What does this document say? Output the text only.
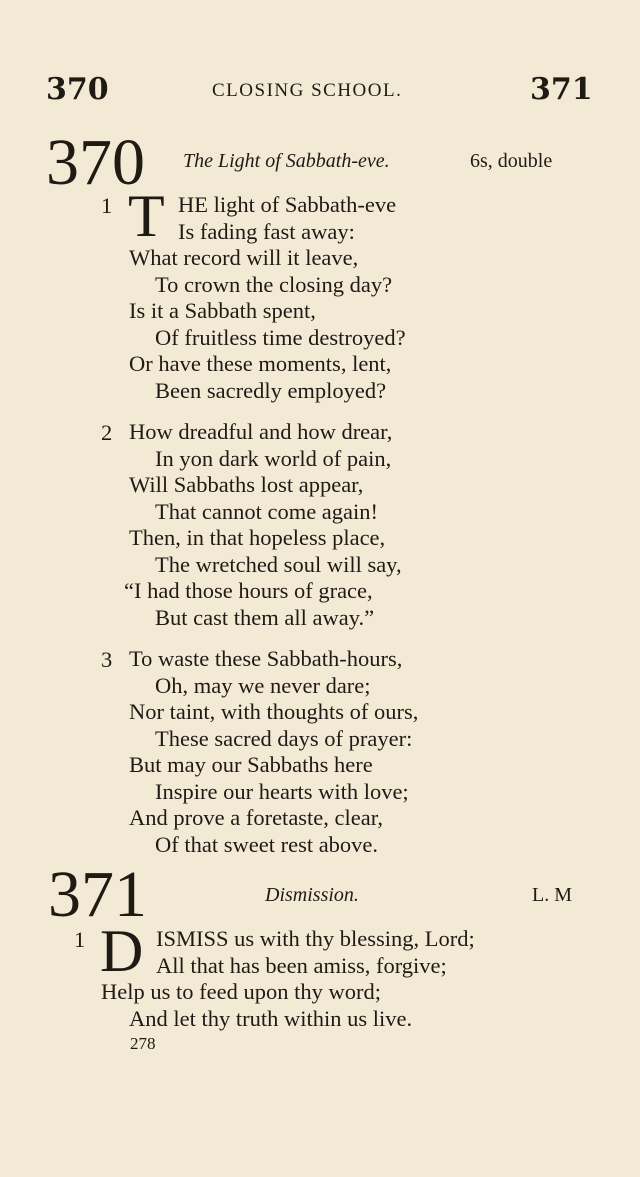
370	CLOSING SCHOOL.	371
370 The Light of Sabbath-eve.	6s, double
1 T HE light of Sabbath-eve
Is fading fast away:
What record will it leave,
To crown the closing day?
Is it a Sabbath spent,
Of fruitless time destroyed?
Or have these moments, lent,
Been sacredly employed?
2 How dreadful and how drear,
In yon dark world of pain,
Will Sabbaths lost appear,
That cannot come again!
Then, in that hopeless place,
The wretched soul will say,
“I had those hours of grace,
But cast them all away.”
3 To waste these Sabbath-hours,
Oh, may we never dare;
Nor taint, with thoughts of ours,
These sacred days of prayer:
But may our Sabbaths here
Inspire our hearts with love;
And prove a foretaste, clear,
Of that sweet rest above.
371	Dismission.	L. M
1 D ISMISS us with thy blessing, Lord;
All that has been amiss, forgive;
Help us to feed upon thy word;
And let thy truth within us live.
278
